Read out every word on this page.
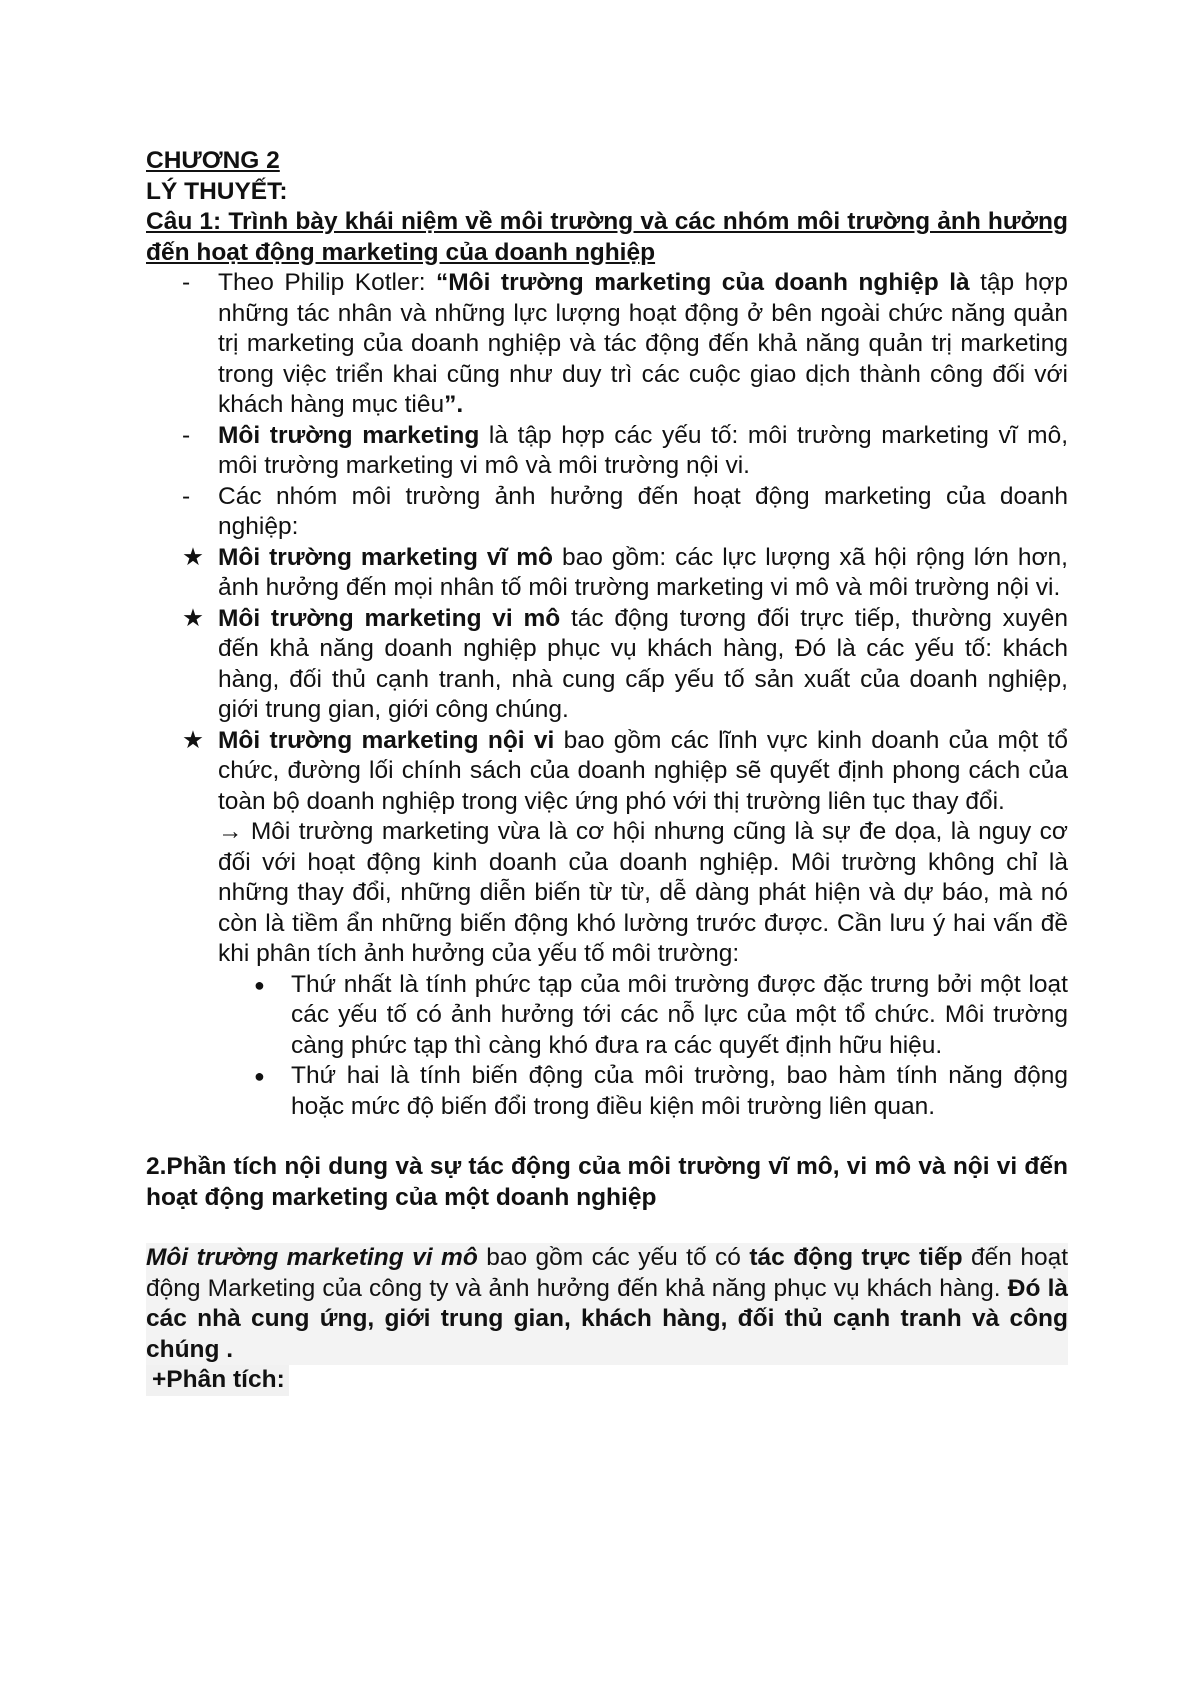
CHƯƠNG 2
LÝ THUYẾT:
Câu 1: Trình bày khái niệm về môi trường và các nhóm môi trường ảnh hưởng đến hoạt động marketing của doanh nghiệp
- Theo Philip Kotler: “Môi trường marketing của doanh nghiệp là tập hợp những tác nhân và những lực lượng hoạt động ở bên ngoài chức năng quản trị marketing của doanh nghiệp và tác động đến khả năng quản trị marketing trong việc triển khai cũng như duy trì các cuộc giao dịch thành công đối với khách hàng mục tiêu”.
- Môi trường marketing là tập hợp các yếu tố: môi trường marketing vĩ mô, môi trường marketing vi mô và môi trường nội vi.
- Các nhóm môi trường ảnh hưởng đến hoạt động marketing của doanh nghiệp:
★ Môi trường marketing vĩ mô bao gồm: các lực lượng xã hội rộng lớn hơn, ảnh hưởng đến mọi nhân tố môi trường marketing vi mô và môi trường nội vi.
★ Môi trường marketing vi mô tác động tương đối trực tiếp, thường xuyên đến khả năng doanh nghiệp phục vụ khách hàng, Đó là các yếu tố: khách hàng, đối thủ cạnh tranh, nhà cung cấp yếu tố sản xuất của doanh nghiệp, giới trung gian, giới công chúng.
★ Môi trường marketing nội vi bao gồm các lĩnh vực kinh doanh của một tổ chức, đường lối chính sách của doanh nghiệp sẽ quyết định phong cách của toàn bộ doanh nghiệp trong việc ứng phó với thị trường liên tục thay đổi.
→ Môi trường marketing vừa là cơ hội nhưng cũng là sự đe dọa, là nguy cơ đối với hoạt động kinh doanh của doanh nghiệp. Môi trường không chỉ là những thay đổi, những diễn biến từ từ, dễ dàng phát hiện và dự báo, mà nó còn là tiềm ẩn những biến động khó lường trước được. Cần lưu ý hai vấn đề khi phân tích ảnh hưởng của yếu tố môi trường:
● Thứ nhất là tính phức tạp của môi trường được đặc trưng bởi một loạt các yếu tố có ảnh hưởng tới các nỗ lực của một tổ chức. Môi trường càng phức tạp thì càng khó đưa ra các quyết định hữu hiệu.
● Thứ hai là tính biến động của môi trường, bao hàm tính năng động hoặc mức độ biến đổi trong điều kiện môi trường liên quan.
2.Phần tích nội dung và sự tác động của môi trường vĩ mô, vi mô và nội vi đến hoạt động marketing của một doanh nghiệp
Môi trường marketing vi mô bao gồm các yếu tố có tác động trực tiếp đến hoạt động Marketing của công ty và ảnh hưởng đến khả năng phục vụ khách hàng. Đó là các nhà cung ứng, giới trung gian, khách hàng, đối thủ cạnh tranh và công chúng .
+Phân tích:
